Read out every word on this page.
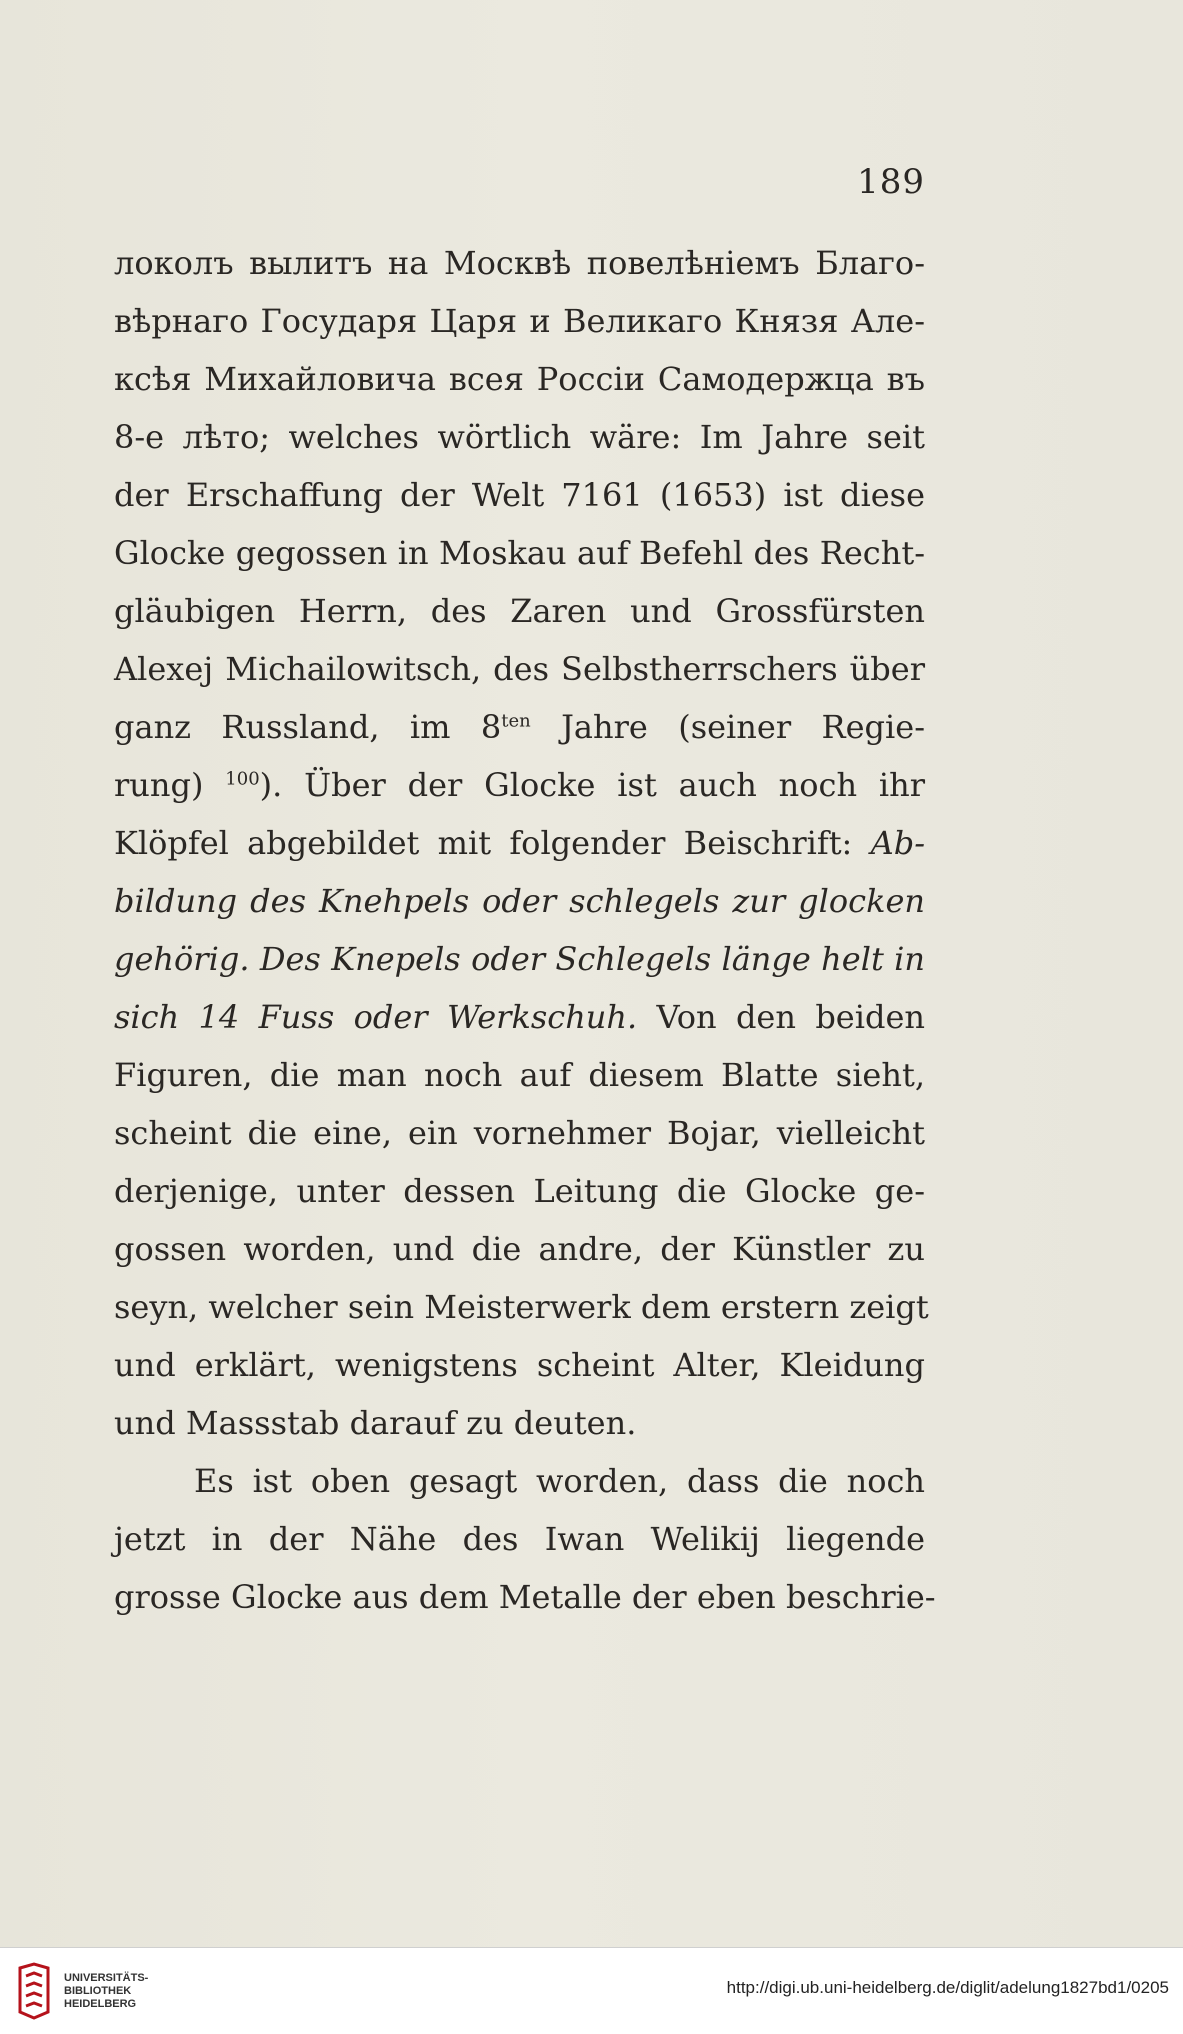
189
локолъ вылитъ на Москвѣ повелѣнiемъ Благо-
вѣрнаго Государя Царя и Великаго Князя Але-
ксѣя Михайловича всея Россiи Самодержца въ
8-е лѣто; welches wörtlich wäre: Im Jahre seit
der Erschaffung der Welt 7161 (1653) ist diese
Glocke gegossen in Moskau auf Befehl des Recht-
gläubigen Herrn, des Zaren und Grossfürsten
Alexej Michailowitsch, des Selbstherrschers über
ganz Russland, im $8^{ten}$ Jahre (seiner Regie-
rung) $^{100}$). Über der Glocke ist auch noch ihr
Klöpfel abgebildet mit folgender Beischrift: Ab-
bildung des Knehpels oder schlegels zur glocken
gehörig. Des Knepels oder Schlegels länge helt in
sich 14 Fuss oder Werkschuh. Von den beiden
Figuren, die man noch auf diesem Blatte sieht,
scheint die eine, ein vornehmer Bojar, vielleicht
derjenige, unter dessen Leitung die Glocke ge-
gossen worden, und die andre, der Künstler zu
seyn, welcher sein Meisterwerk dem erstern zeigt
und erklärt, wenigstens scheint Alter, Kleidung
und Massstab darauf zu deuten.
Es ist oben gesagt worden, dass die noch
jetzt in der Nähe des Iwan Welikij liegende
grosse Glocke aus dem Metalle der eben beschrie-
UNIVERSITÄTS-
BIBLIOTHEK
HEIDELBERG
http://digi.ub.uni-heidelberg.de/diglit/adelung1827bd1/0205
